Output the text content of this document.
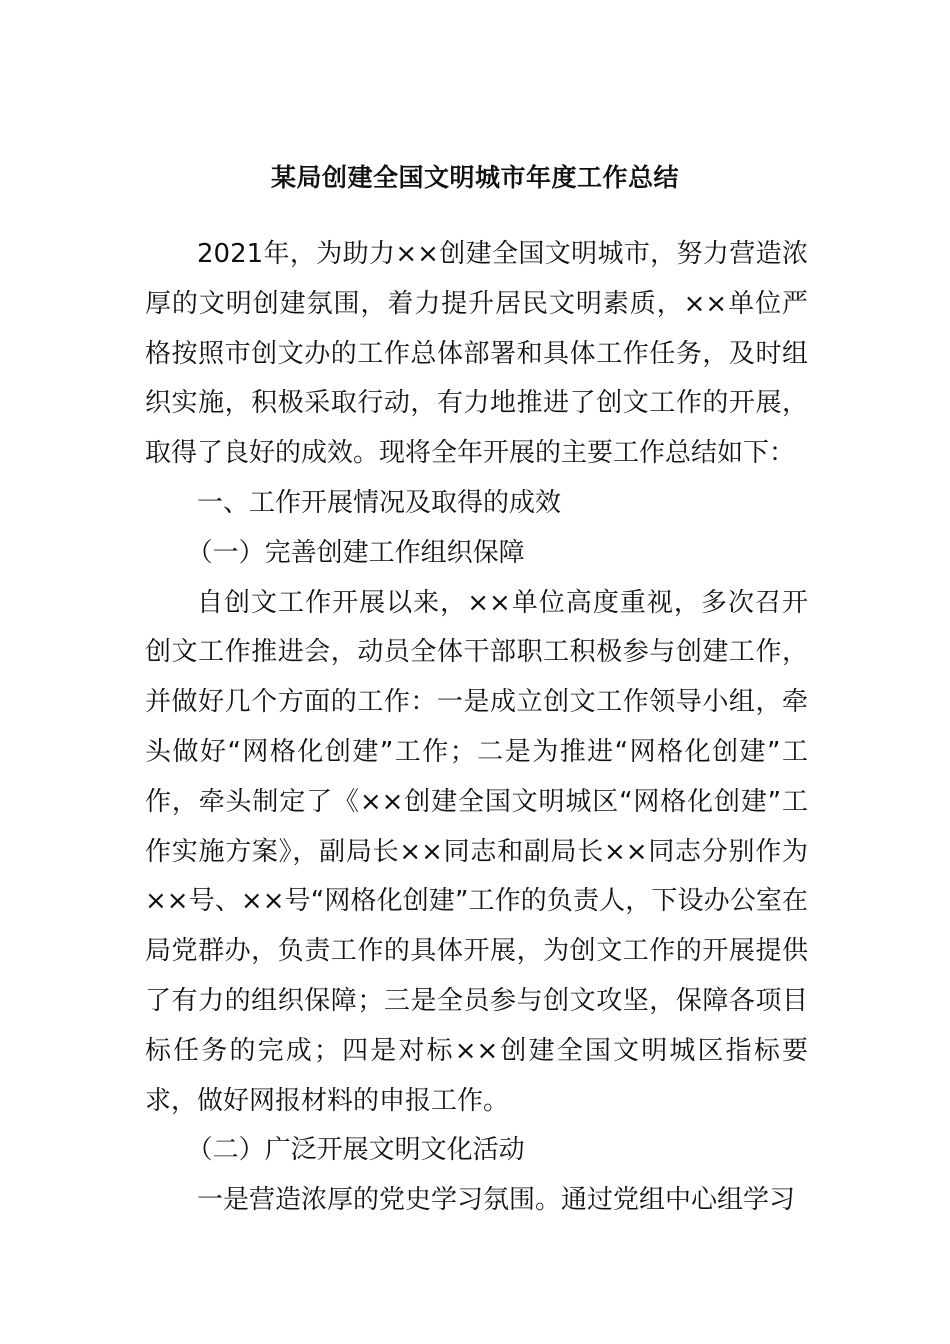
某局创建全国文明城市年度工作总结

2021年，为助力××创建全国文明城市，努力营造浓厚的文明创建氛围，着力提升居民文明素质，××单位严格按照市创文办的工作总体部署和具体工作任务，及时组织实施，积极采取行动，有力地推进了创文工作的开展，取得了良好的成效。现将全年开展的主要工作总结如下：

一、工作开展情况及取得的成效

（一）完善创建工作组织保障

自创文工作开展以来，××单位高度重视，多次召开创文工作推进会，动员全体干部职工积极参与创建工作，并做好几个方面的工作：一是成立创文工作领导小组，牵头做好“网格化创建”工作；二是为推进“网格化创建”工作，牵头制定了《××创建全国文明城区“网格化创建”工作实施方案》，副局长××同志和副局长××同志分别作为××号、××号“网格化创建”工作的负责人，下设办公室在局党群办，负责工作的具体开展，为创文工作的开展提供了有力的组织保障；三是全员参与创文攻坚，保障各项目标任务的完成；四是对标××创建全国文明城区指标要求，做好网报材料的申报工作。

（二）广泛开展文明文化活动

一是营造浓厚的党史学习氛围。通过党组中心组学习
